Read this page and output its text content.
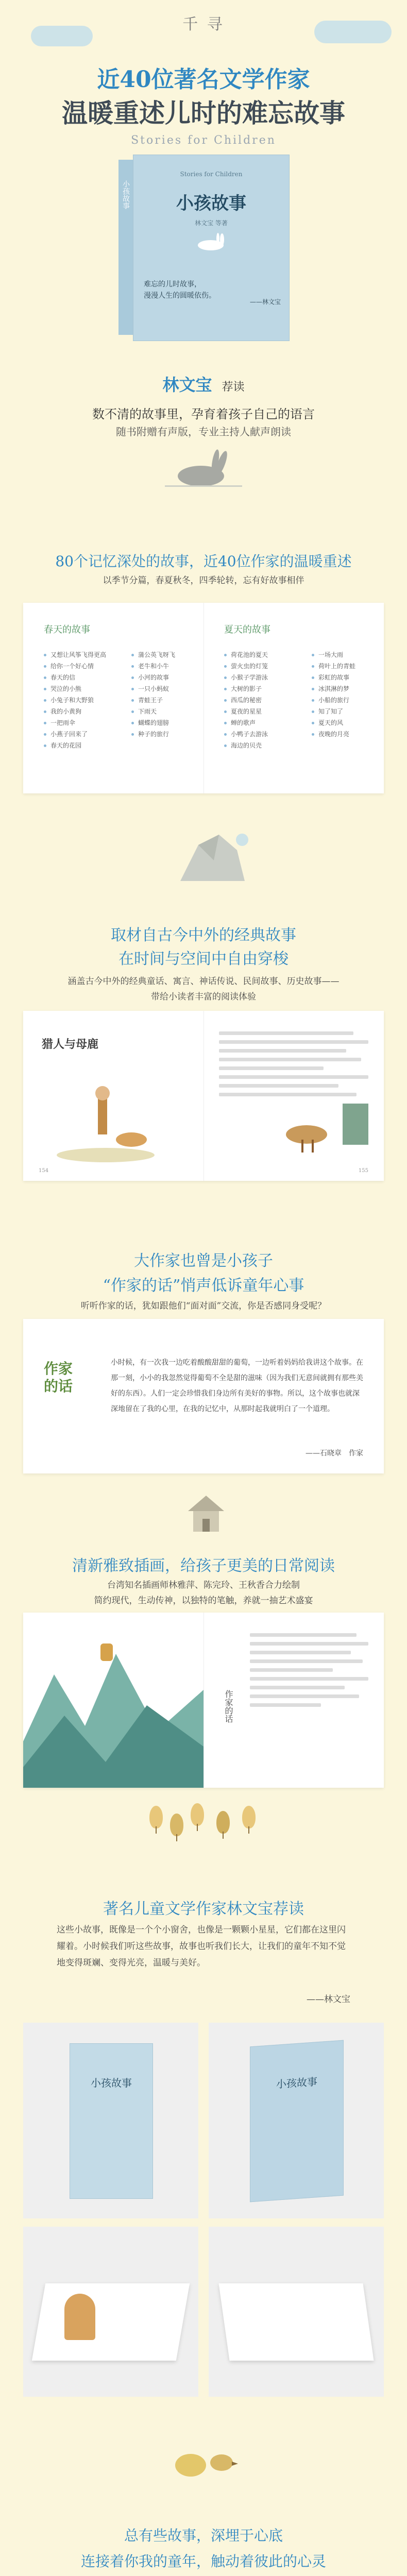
千 寻
近40位著名文学作家
温暖重述儿时的难忘故事
Stories for Children
小孩故事
Stories for Children
小孩故事
林文宝 等著
难忘的儿时故事，
漫漫人生的圆暖依伤。
——林文宝
林文宝 荐读
数不清的故事里，孕育着孩子自己的语言
随书附赠有声版，专业主持人献声朗读
80个记忆深处的故事，近40位作家的温暖重述
以季节分篇，春夏秋冬，四季轮转，忘有好故事相伴
春天的故事
又想让风筝飞得更高
给你一个好心情
春天的信
哭泣的小熊
小兔子和大野狼
我的小黄狗
一把雨伞
小燕子回来了
春天的花园
蒲公英飞呀飞
老牛和小牛
小河的故事
一只小蚂蚁
青蛙王子
下雨天
蝴蝶的翅膀
种子的旅行
夏天的故事
荷花池的夏天
萤火虫的灯笼
小猴子学游泳
大树的影子
西瓜的秘密
夏夜的星星
蝉的歌声
小鸭子去游泳
海边的贝壳
一场大雨
荷叶上的青蛙
彩虹的故事
冰淇淋的梦
小船的旅行
知了知了
夏天的风
夜晚的月亮
取材自古今中外的经典故事
在时间与空间中自由穿梭
涵盖古今中外的经典童话、寓言、神话传说、民间故事、历史故事——
带给小读者丰富的阅读体验
猎人与母鹿
154	155
大作家也曾是小孩子
“作家的话”悄声低诉童年心事
听听作家的话，犹如跟他们“面对面”交流，你是否感同身受呢？
作家的话
小时候，有一次我一边吃着酸酸甜甜的葡萄，一边听着妈妈给我讲这个故事。在那一刻，小小的我忽然觉得葡萄不全是甜的滋味（因为我们无意间就拥有那些美好的东西）。人们一定会珍惜我们身边所有美好的事物。所以，这个故事也就深深地留在了我的心里，在我的记忆中，从那时起我就明白了一个道理。
——石晓章　作家
清新雅致插画，给孩子更美的日常阅读
台湾知名插画师林雅萍、陈完玲、王秋香合力绘制
简约现代，生动传神，以独特的笔触，养就一抽艺术盛宴
作家的话
著名儿童文学作家林文宝荐读
这些小故事，既像是一个个小窗舍，也像是一颗颗小星星，它们都在这里闪耀着。小时候我们听这些故事，故事也听我们长大，让我们的童年不知不觉地变得斑斓、变得光亮，温暖与美好。
——林文宝
小孩故事	小孩故事
总有些故事，深埋于心底
连接着你我的童年，触动着彼此的心灵
